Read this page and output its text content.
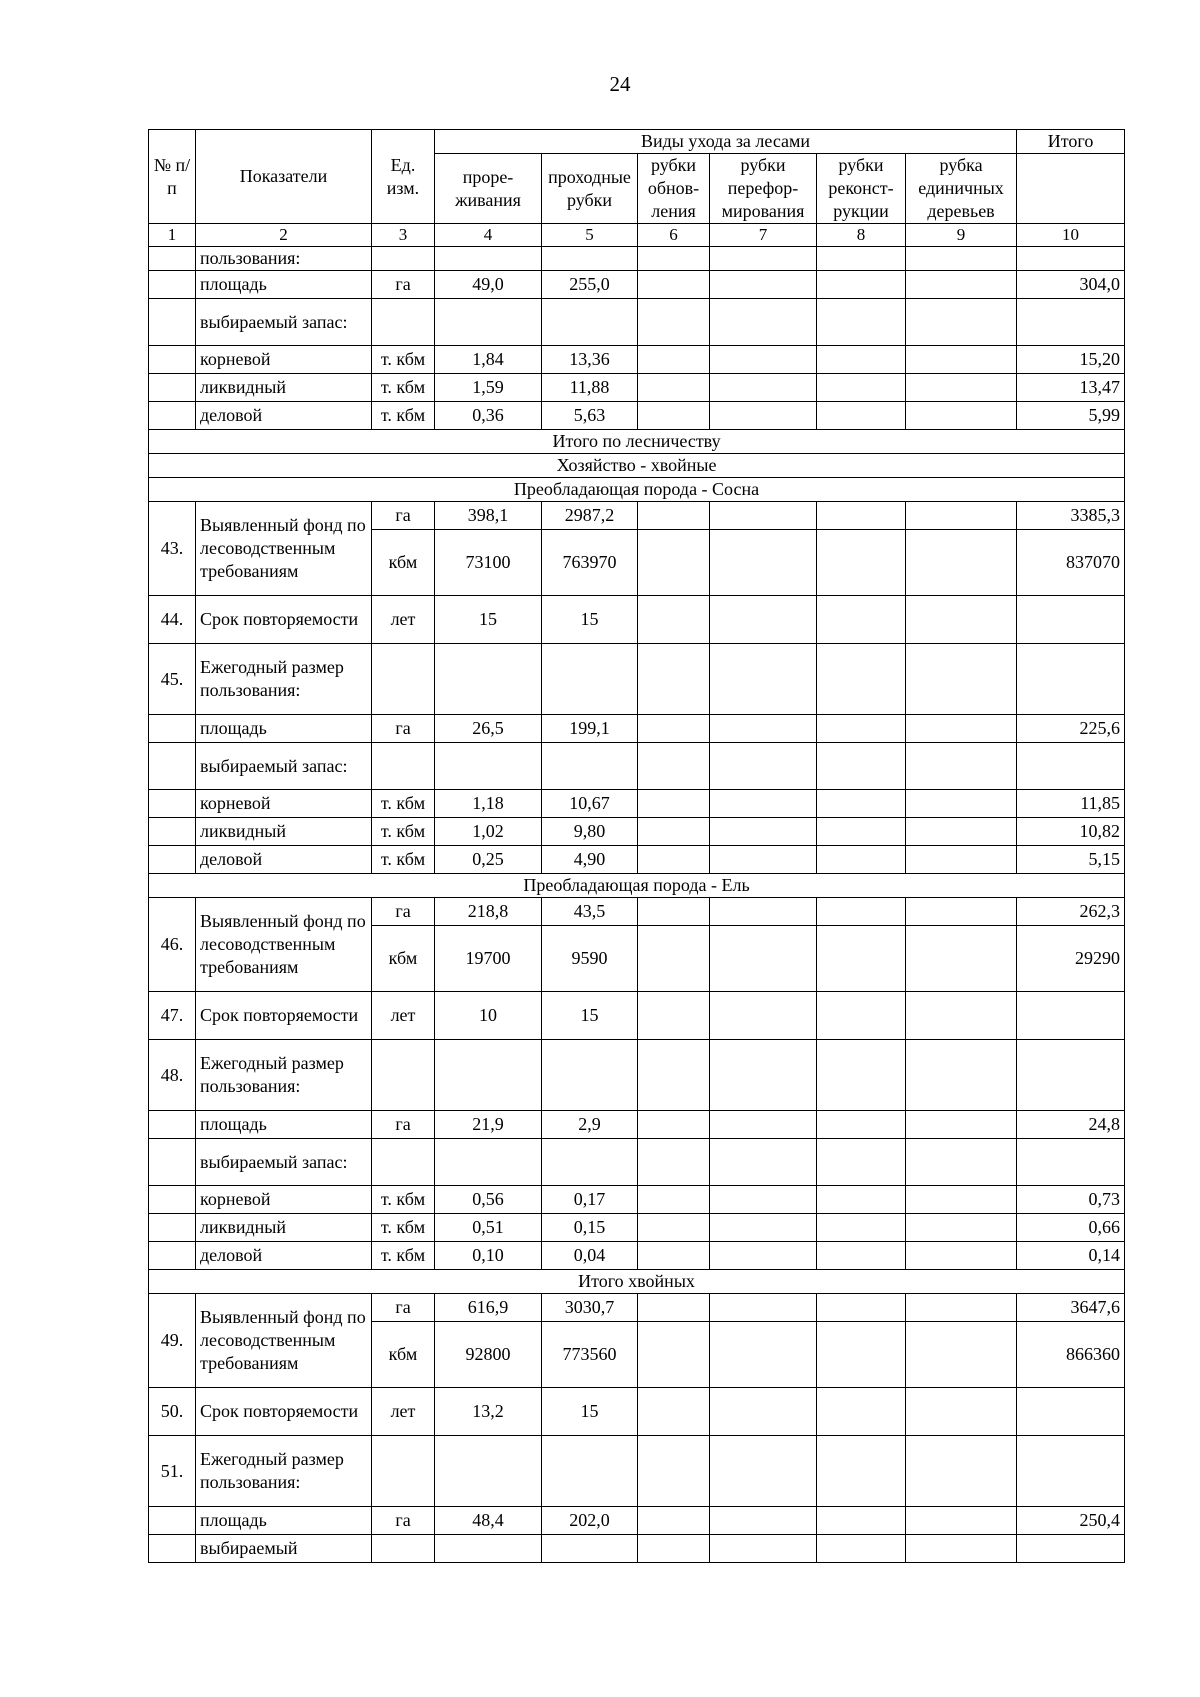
24
№ п/п	Показатели	Ед. изм.	Виды ухода за лесами						Итого
			проре-живания	проходные рубки	рубки обнов-ления	рубки перефор-мирования	рубки реконст-рукции	рубка единичных деревьев	
1	2	3	4	5	6	7	8	9	10
	пользования:								
	площадь	га	49,0	255,0					304,0
	выбираемый запас:								
	корневой	т. кбм	1,84	13,36					15,20
	ликвидный	т. кбм	1,59	11,88					13,47
	деловой	т. кбм	0,36	5,63					5,99
Итого по лесничеству									
Хозяйство - хвойные									
Преобладающая порода - Сосна									
43.	Выявленный фонд по лесоводственным требованиям	га	398,1	2987,2					3385,3
		кбм	73100	763970					837070
44.	Срок повторяемости	лет	15	15					
45.	Ежегодный размер пользования:								
	площадь	га	26,5	199,1					225,6
	выбираемый запас:								
	корневой	т. кбм	1,18	10,67					11,85
	ликвидный	т. кбм	1,02	9,80					10,82
	деловой	т. кбм	0,25	4,90					5,15
Преобладающая порода - Ель									
46.	Выявленный фонд по лесоводственным требованиям	га	218,8	43,5					262,3
		кбм	19700	9590					29290
47.	Срок повторяемости	лет	10	15					
48.	Ежегодный размер пользования:								
	площадь	га	21,9	2,9					24,8
	выбираемый запас:								
	корневой	т. кбм	0,56	0,17					0,73
	ликвидный	т. кбм	0,51	0,15					0,66
	деловой	т. кбм	0,10	0,04					0,14
Итого хвойных									
49.	Выявленный фонд по лесоводственным требованиям	га	616,9	3030,7					3647,6
		кбм	92800	773560					866360
50.	Срок повторяемости	лет	13,2	15					
51.	Ежегодный размер пользования:								
	площадь	га	48,4	202,0					250,4
	выбираемый								
